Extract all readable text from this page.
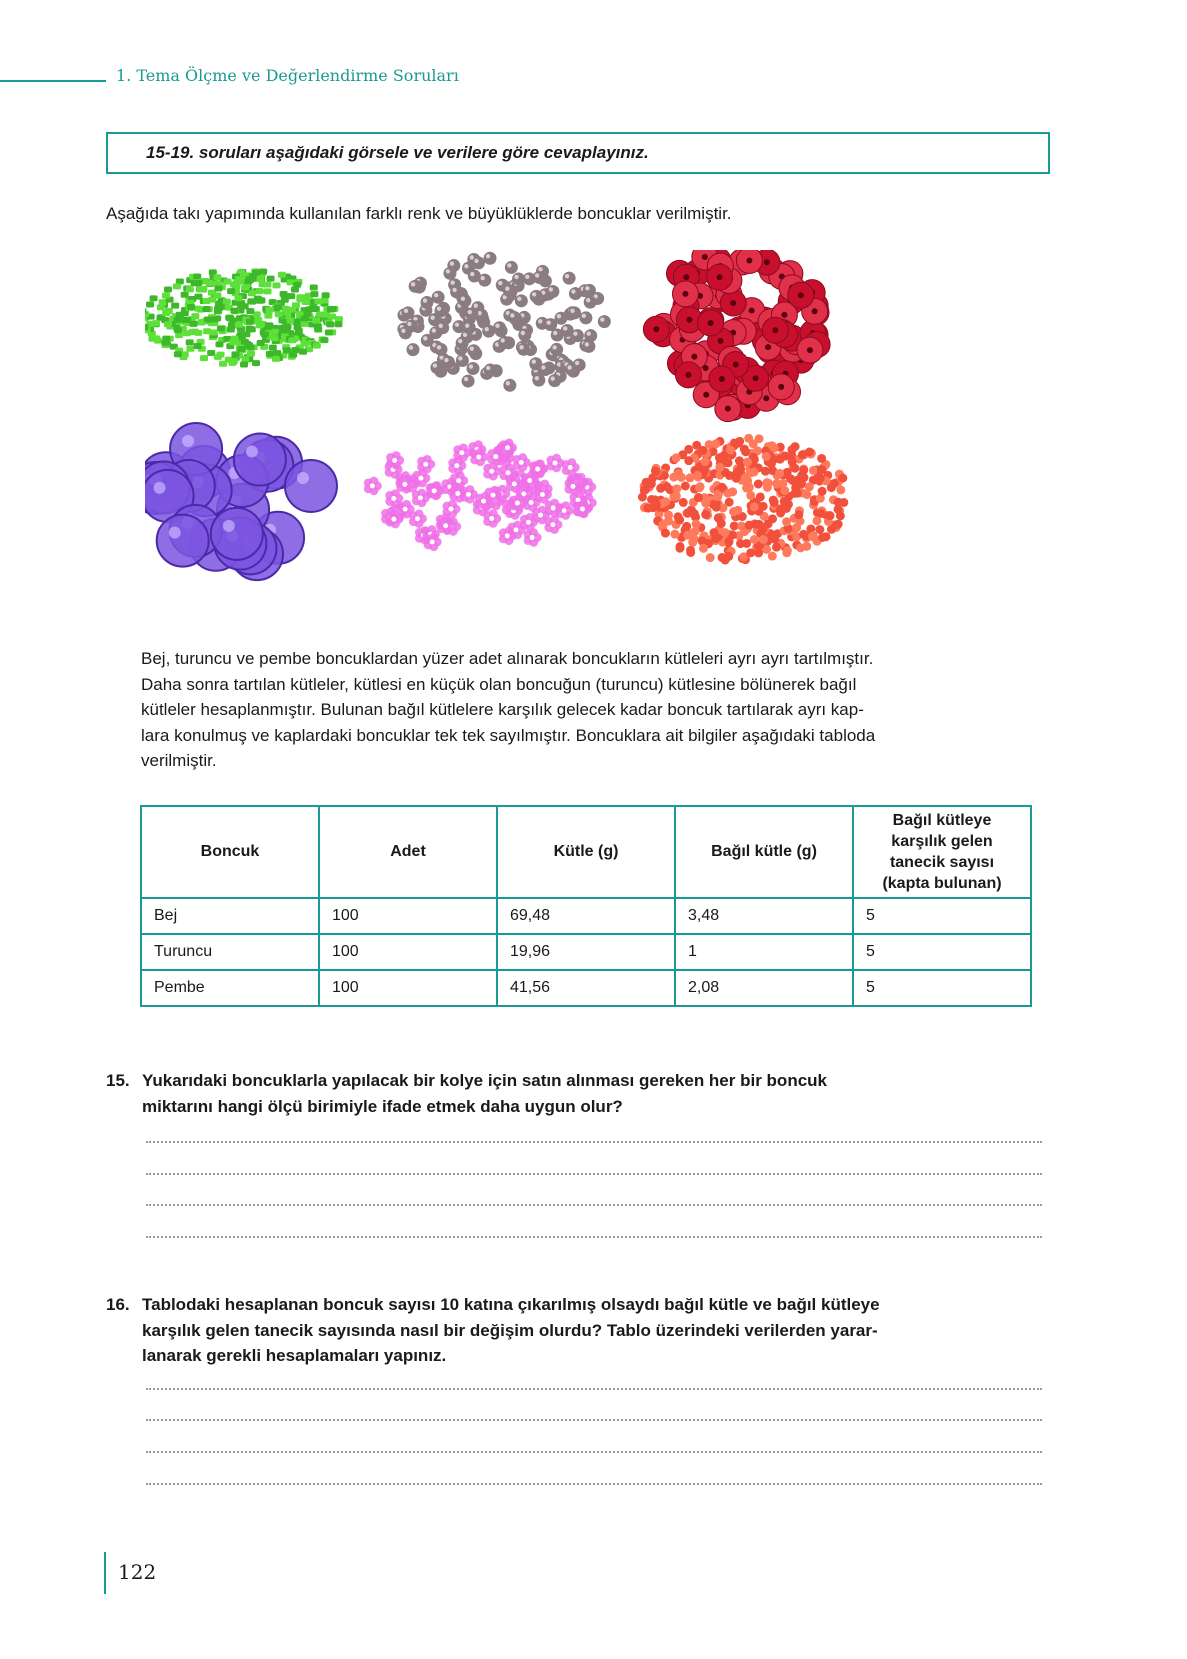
1. Tema Ölçme ve Değerlendirme Soruları
15-19. soruları aşağıdaki görsele ve verilere göre cevaplayınız.
Aşağıda takı yapımında kullanılan farklı renk ve büyüklüklerde boncuklar verilmiştir.
Bej, turuncu ve pembe boncuklardan yüzer adet alınarak boncukların kütleleri ayrı ayrı tartılmıştır.
Daha sonra tartılan kütleler, kütlesi en küçük olan boncuğun (turuncu) kütlesine bölünerek bağıl
kütleler hesaplanmıştır. Bulunan bağıl kütlelere karşılık gelecek kadar boncuk tartılarak ayrı kap-
lara konulmuş ve kaplardaki boncuklar tek tek sayılmıştır. Boncuklara ait bilgiler aşağıdaki tabloda
verilmiştir.
Boncuk	Adet	Kütle (g)	Bağıl kütle (g)	Bağıl kütleye
karşılık gelen
tanecik sayısı
(kapta bulunan)

Bej	100	69,48	3,48	5
Turuncu	100	19,96	1	5
Pembe	100	41,56	2,08	5
15. Yukarıdaki boncuklarla yapılacak bir kolye için satın alınması gereken her bir boncuk
miktarını hangi ölçü birimiyle ifade etmek daha uygun olur?
16. Tablodaki hesaplanan boncuk sayısı 10 katına çıkarılmış olsaydı bağıl kütle ve bağıl kütleye
karşılık gelen tanecik sayısında nasıl bir değişim olurdu? Tablo üzerindeki verilerden yarar-
lanarak gerekli hesaplamaları yapınız.
122
